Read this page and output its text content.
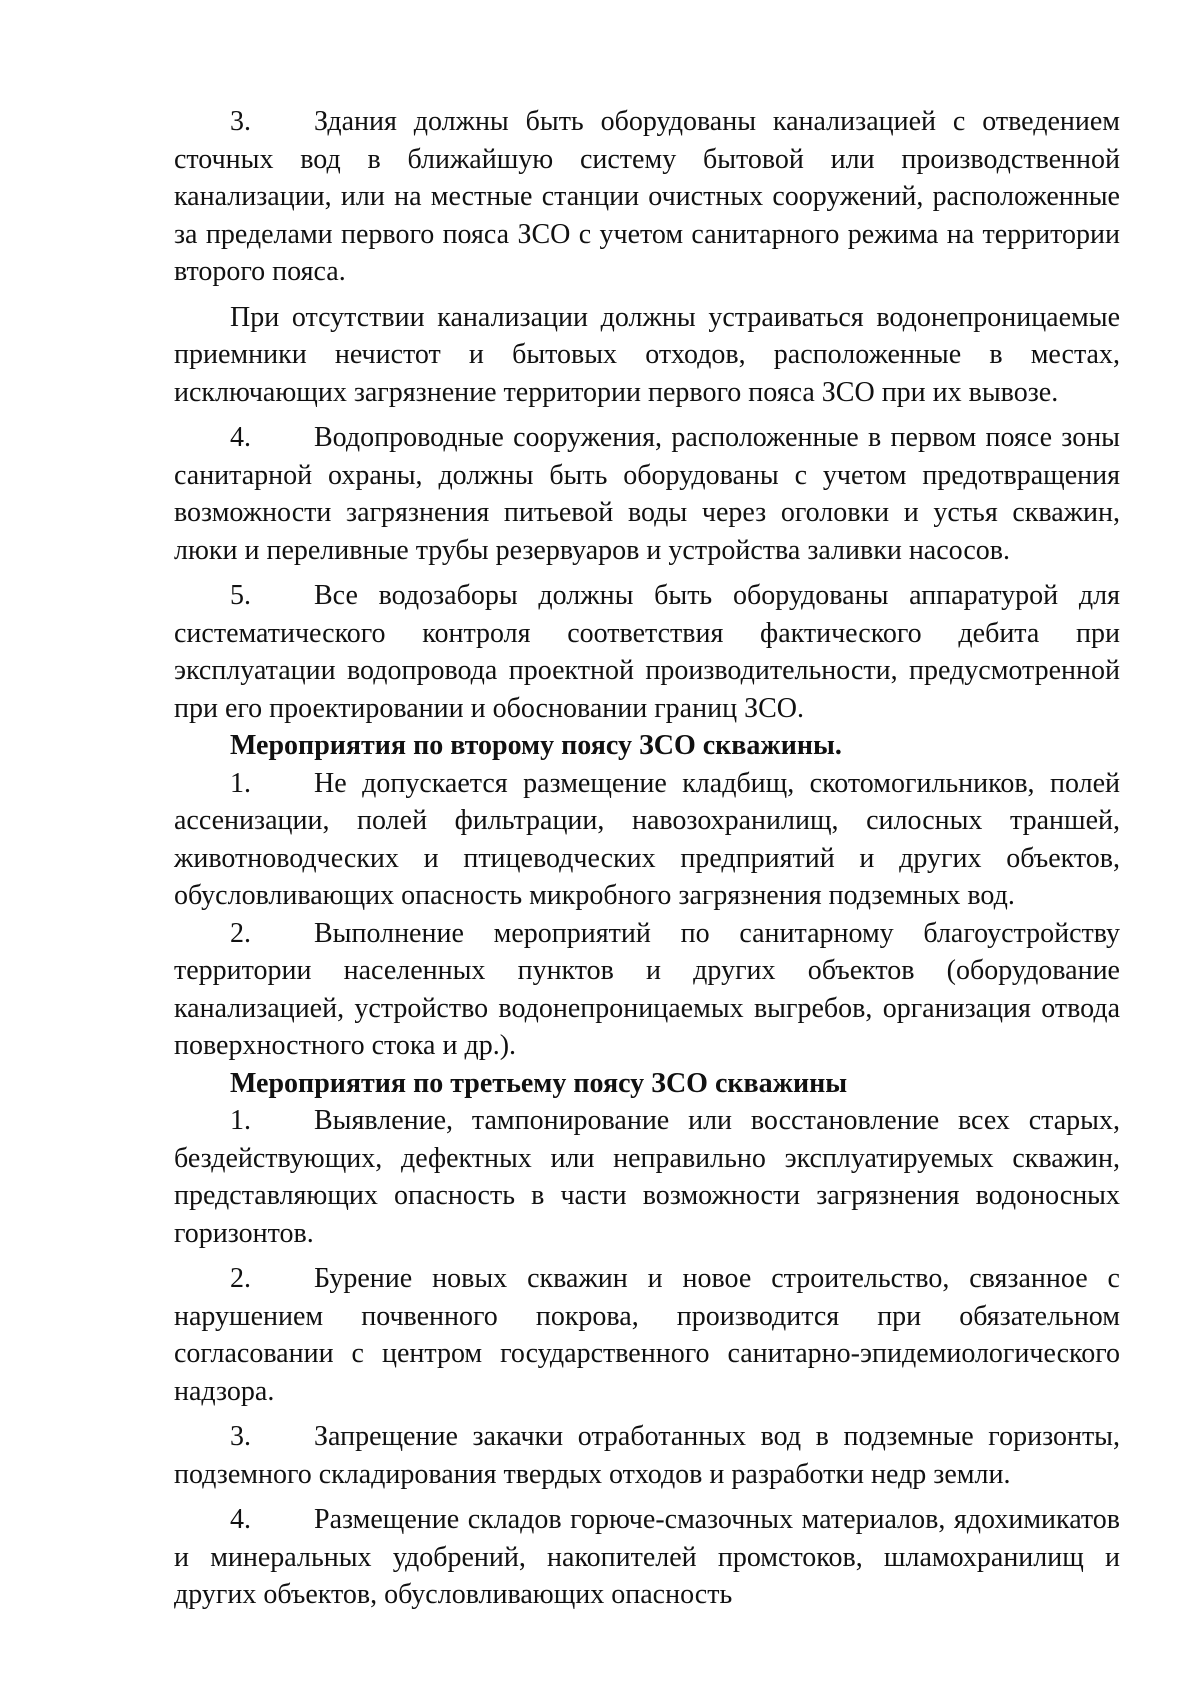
3. Здания должны быть оборудованы канализацией с отведением сточных вод в ближайшую систему бытовой или производственной канализации, или на местные станции очистных сооружений, расположенные за пределами первого пояса ЗСО с учетом санитарного режима на территории второго пояса.

При отсутствии канализации должны устраиваться водонепроницаемые приемники нечистот и бытовых отходов, расположенные в местах, исключающих загрязнение территории первого пояса ЗСО при их вывозе.

4. Водопроводные сооружения, расположенные в первом поясе зоны санитарной охраны, должны быть оборудованы с учетом предотвращения возможности загрязнения питьевой воды через оголовки и устья скважин, люки и переливные трубы резервуаров и устройства заливки насосов.

5. Все водозаборы должны быть оборудованы аппаратурой для систематического контроля соответствия фактического дебита при эксплуатации водопровода проектной производительности, предусмотренной при его проектировании и обосновании границ ЗСО.

Мероприятия по второму поясу ЗСО скважины.

1. Не допускается размещение кладбищ, скотомогильников, полей ассенизации, полей фильтрации, навозохранилищ, силосных траншей, животноводческих и птицеводческих предприятий и других объектов, обусловливающих опасность микробного загрязнения подземных вод.

2. Выполнение мероприятий по санитарному благоустройству территории населенных пунктов и других объектов (оборудование канализацией, устройство водонепроницаемых выгребов, организация отвода поверхностного стока и др.).

Мероприятия по третьему поясу ЗСО скважины

1. Выявление, тампонирование или восстановление всех старых, бездействующих, дефектных или неправильно эксплуатируемых скважин, представляющих опасность в части возможности загрязнения водоносных горизонтов.

2. Бурение новых скважин и новое строительство, связанное с нарушением почвенного покрова, производится при обязательном согласовании с центром государственного санитарно-эпидемиологического надзора.

3. Запрещение закачки отработанных вод в подземные горизонты, подземного складирования твердых отходов и разработки недр земли.

4. Размещение складов горюче-смазочных материалов, ядохимикатов и минеральных удобрений, накопителей промстоков, шламохранилищ и других объектов, обусловливающих опасность
